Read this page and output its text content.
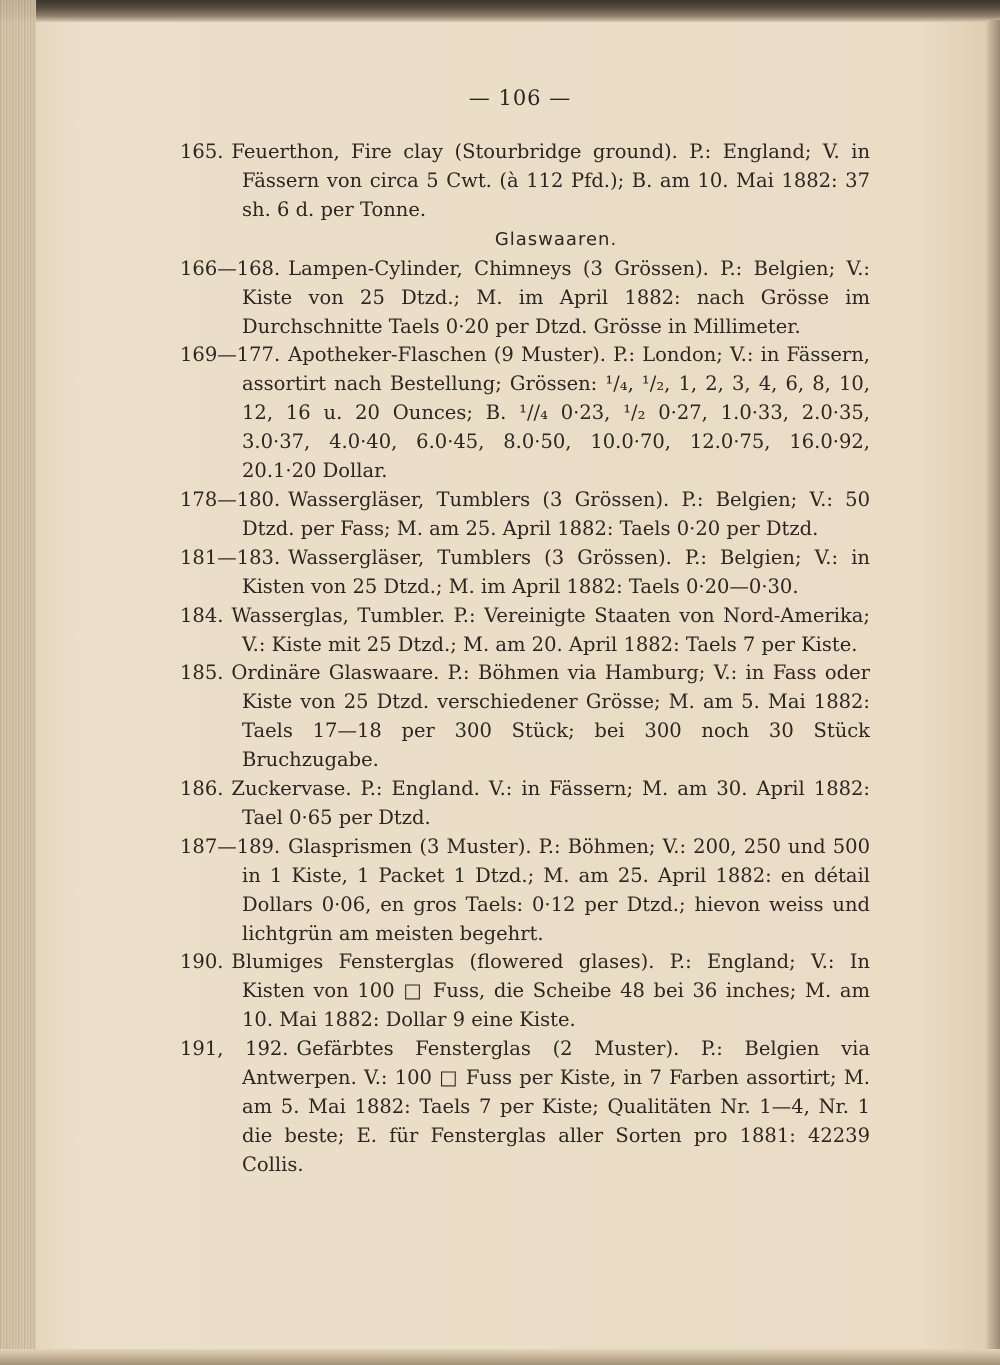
— 106 —

165. Feuerthon, Fire clay (Stourbridge ground). P.: England; V. in Fässern von circa 5 Cwt. (à 112 Pfd.); B. am 10. Mai 1882: 37 sh. 6 d. per Tonne.

Glaswaaren.

166—168. Lampen-Cylinder, Chimneys (3 Grössen). P.: Belgien; V.: Kiste von 25 Dtzd.; M. im April 1882: nach Grösse im Durchschnitte Taels 0·20 per Dtzd. Grösse in Millimeter.

169—177. Apotheker-Flaschen (9 Muster). P.: London; V.: in Fässern, assortirt nach Bestellung; Grössen: ¹/₄, ¹/₂, 1, 2, 3, 4, 6, 8, 10, 12, 16 u. 20 Ounces; B. ¹//₄ 0·23, ¹/₂ 0·27, 1.0·33, 2.0·35, 3.0·37, 4.0·40, 6.0·45, 8.0·50, 10.0·70, 12.0·75, 16.0·92, 20.1·20 Dollar.

178—180. Wassergläser, Tumblers (3 Grössen). P.: Belgien; V.: 50 Dtzd. per Fass; M. am 25. April 1882: Taels 0·20 per Dtzd.

181—183. Wassergläser, Tumblers (3 Grössen). P.: Belgien; V.: in Kisten von 25 Dtzd.; M. im April 1882: Taels 0·20—0·30.

184. Wasserglas, Tumbler. P.: Vereinigte Staaten von Nord-Amerika; V.: Kiste mit 25 Dtzd.; M. am 20. April 1882: Taels 7 per Kiste.

185. Ordinäre Glaswaare. P.: Böhmen via Hamburg; V.: in Fass oder Kiste von 25 Dtzd. verschiedener Grösse; M. am 5. Mai 1882: Taels 17—18 per 300 Stück; bei 300 noch 30 Stück Bruchzugabe.

186. Zuckervase. P.: England. V.: in Fässern; M. am 30. April 1882: Tael 0·65 per Dtzd.

187—189. Glasprismen (3 Muster). P.: Böhmen; V.: 200, 250 und 500 in 1 Kiste, 1 Packet 1 Dtzd.; M. am 25. April 1882: en détail Dollars 0·06, en gros Taels: 0·12 per Dtzd.; hievon weiss und lichtgrün am meisten begehrt.

190. Blumiges Fensterglas (flowered glases). P.: England; V.: In Kisten von 100 □ Fuss, die Scheibe 48 bei 36 inches; M. am 10. Mai 1882: Dollar 9 eine Kiste.

191, 192. Gefärbtes Fensterglas (2 Muster). P.: Belgien via Antwerpen. V.: 100 □ Fuss per Kiste, in 7 Farben assortirt; M. am 5. Mai 1882: Taels 7 per Kiste; Qualitäten Nr. 1—4, Nr. 1 die beste; E. für Fensterglas aller Sorten pro 1881: 42239 Collis.
